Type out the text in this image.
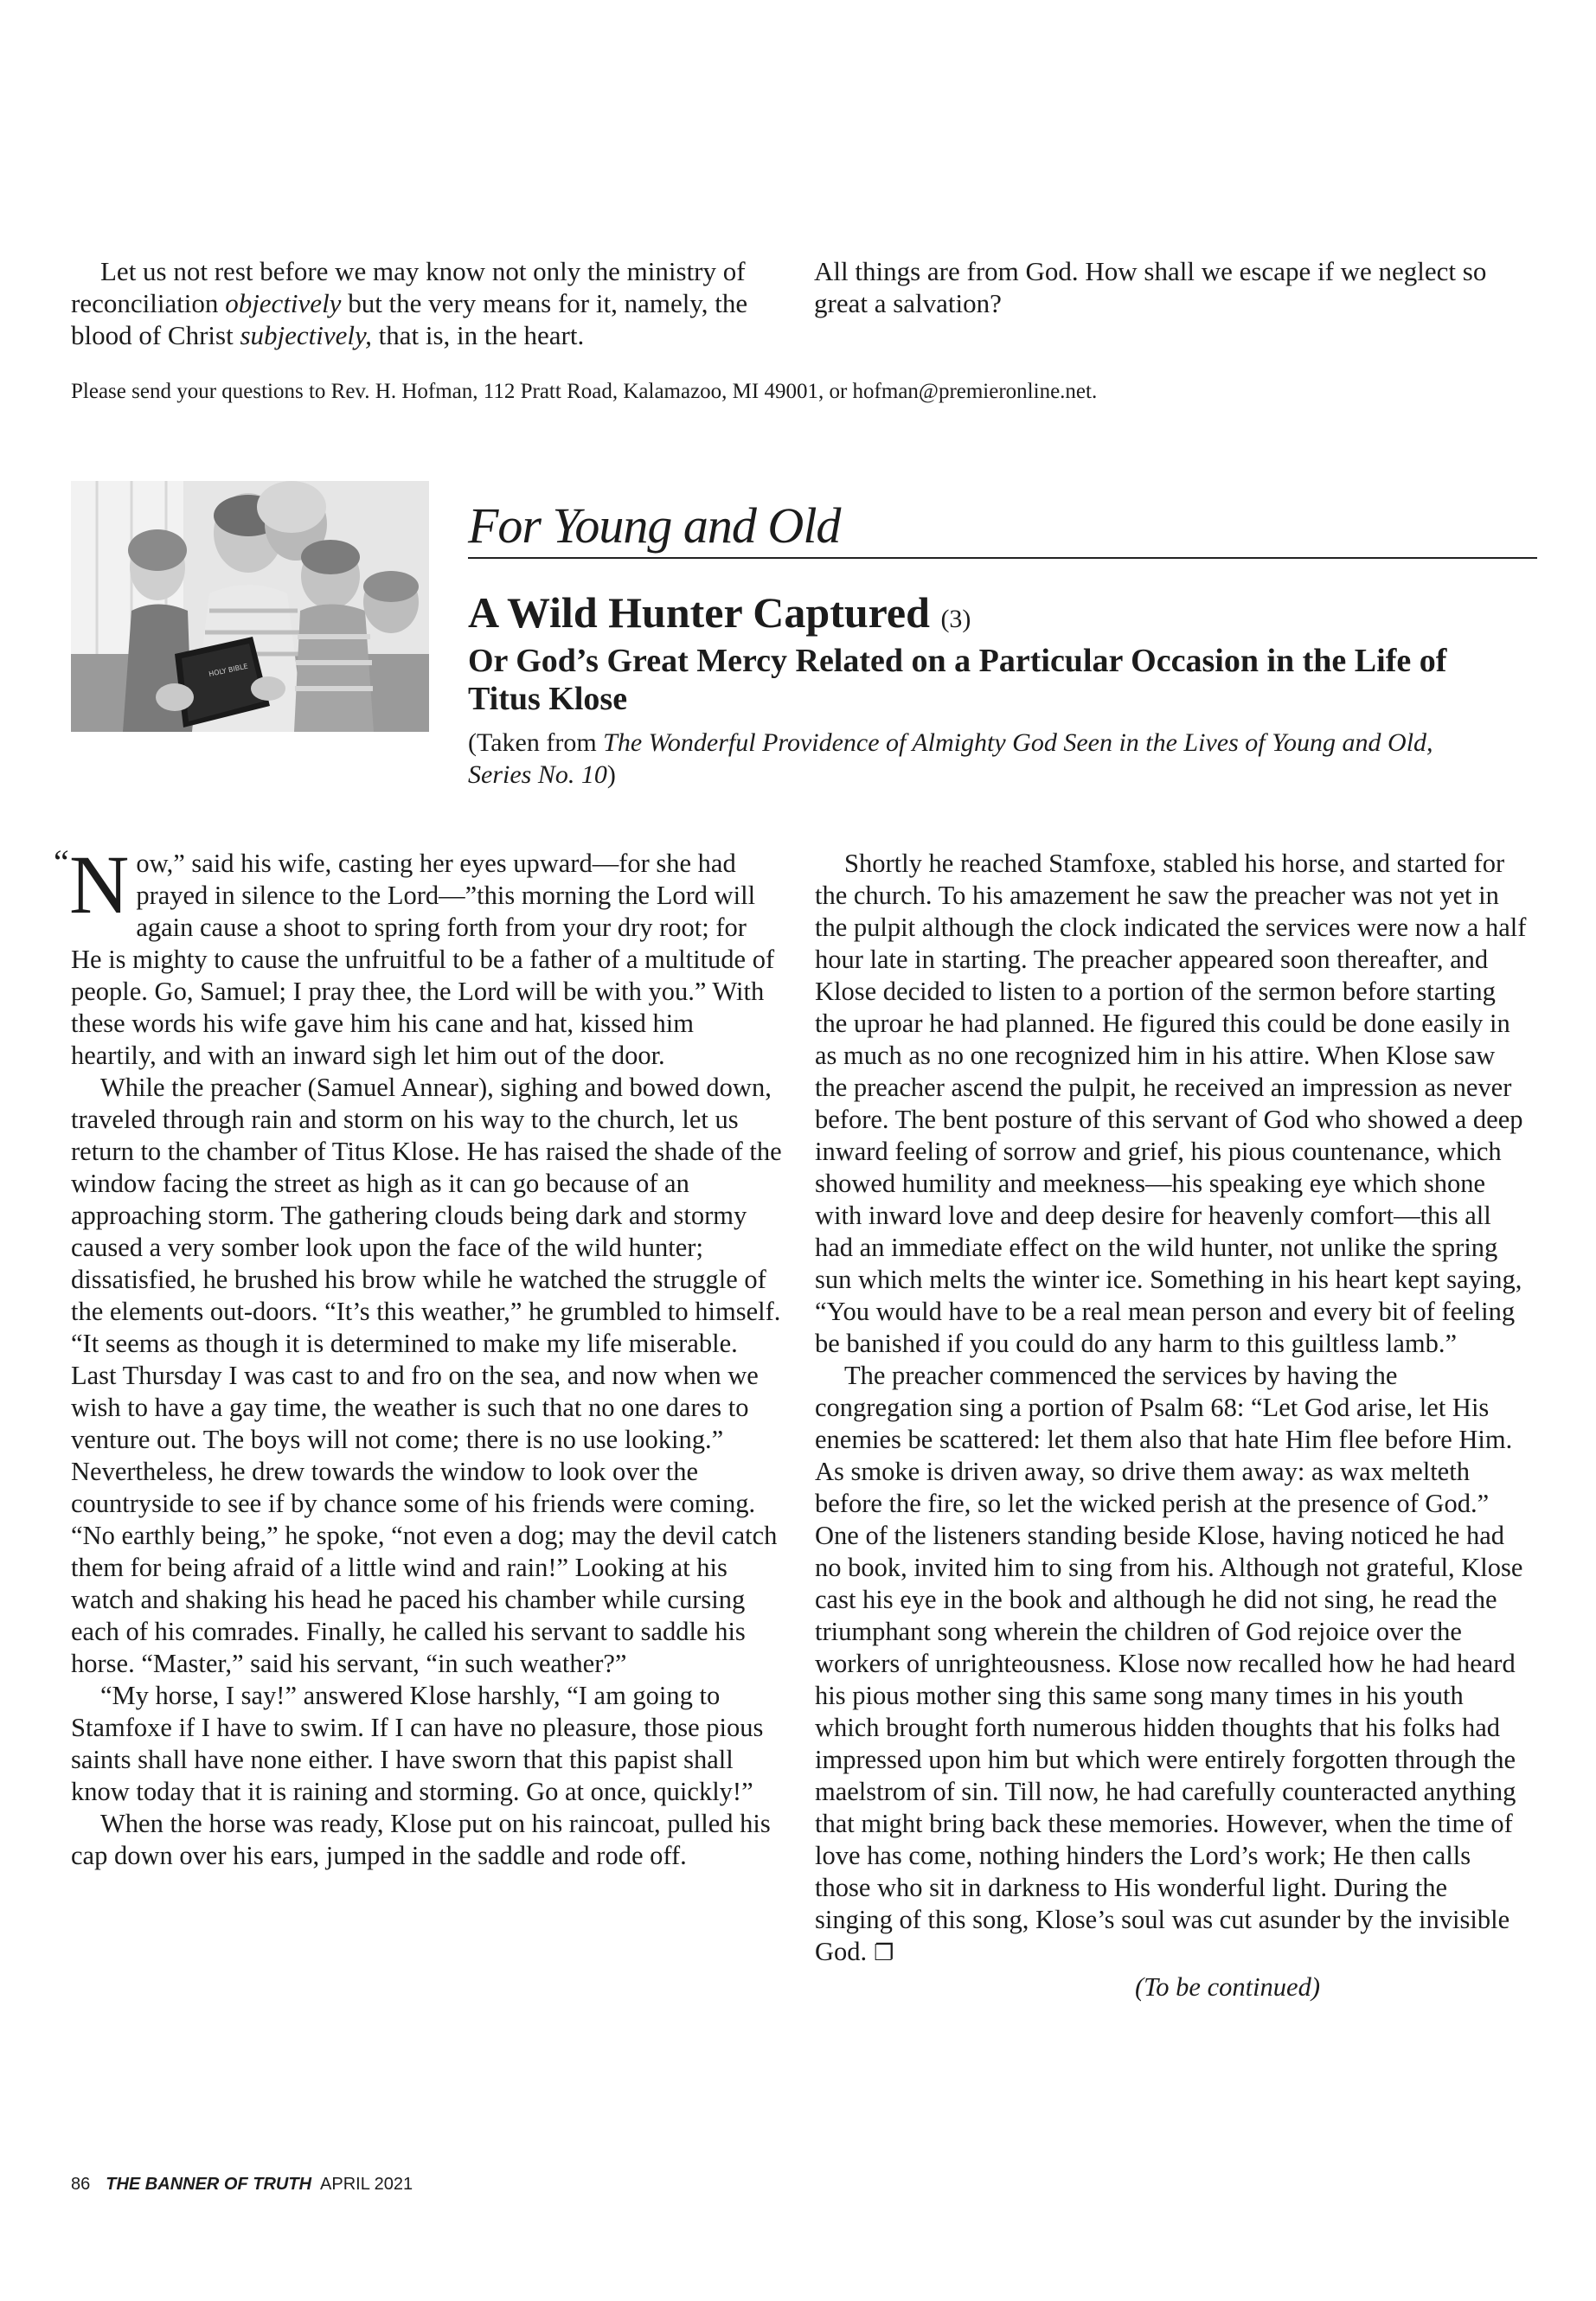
Let us not rest before we may know not only the ministry of reconciliation objectively but the very means for it, namely, the blood of Christ subjectively, that is, in the heart.

All things are from God. How shall we escape if we neglect so great a salvation?

Please send your questions to Rev. H. Hofman, 112 Pratt Road, Kalamazoo, MI 49001, or hofman@premieronline.net.
HOLY BIBLE
For Young and Old
A Wild Hunter Captured (3)
Or God’s Great Mercy Related on a Particular Occasion in the Life of Titus Klose
(Taken from The Wonderful Providence of Almighty God Seen in the Lives of Young and Old, Series No. 10)

“ N ow,” said his wife, casting her eyes upward—for she had prayed in silence to the Lord—”this morning the Lord will again cause a shoot to spring forth from your dry root; for He is mighty to cause the unfruitful to be a father of a multitude of people. Go, Samuel; I pray thee, the Lord will be with you.” With these words his wife gave him his cane and hat, kissed him heartily, and with an inward sigh let him out of the door.

While the preacher (Samuel Annear), sighing and bowed down, traveled through rain and storm on his way to the church, let us return to the chamber of Titus Klose. He has raised the shade of the window facing the street as high as it can go because of an approaching storm. The gathering clouds being dark and stormy caused a very somber look upon the face of the wild hunter; dissatisfied, he brushed his brow while he watched the struggle of the elements out-doors. “It’s this weather,” he grumbled to himself. “It seems as though it is determined to make my life miserable. Last Thursday I was cast to and fro on the sea, and now when we wish to have a gay time, the weather is such that no one dares to venture out. The boys will not come; there is no use looking.” Nevertheless, he drew towards the window to look over the countryside to see if by chance some of his friends were coming. “No earthly being,” he spoke, “not even a dog; may the devil catch them for being afraid of a little wind and rain!” Looking at his watch and shaking his head he paced his chamber while cursing each of his comrades. Finally, he called his servant to saddle his horse. “Master,” said his servant, “in such weather?”

“My horse, I say!” answered Klose harshly, “I am going to Stamfoxe if I have to swim. If I can have no pleasure, those pious saints shall have none either. I have sworn that this papist shall know today that it is raining and storming. Go at once, quickly!”

When the horse was ready, Klose put on his raincoat, pulled his cap down over his ears, jumped in the saddle and rode off.

Shortly he reached Stamfoxe, stabled his horse, and started for the church. To his amazement he saw the preacher was not yet in the pulpit although the clock indicated the services were now a half hour late in starting. The preacher appeared soon thereafter, and Klose decided to listen to a portion of the sermon before starting the uproar he had planned. He figured this could be done easily in as much as no one recognized him in his attire. When Klose saw the preacher ascend the pulpit, he received an impression as never before. The bent posture of this servant of God who showed a deep inward feeling of sorrow and grief, his pious countenance, which showed humility and meekness—his speaking eye which shone with inward love and deep desire for heavenly comfort—this all had an immediate effect on the wild hunter, not unlike the spring sun which melts the winter ice. Something in his heart kept saying, “You would have to be a real mean person and every bit of feeling be banished if you could do any harm to this guiltless lamb.”

The preacher commenced the services by having the congregation sing a portion of Psalm 68: “Let God arise, let His enemies be scattered: let them also that hate Him flee before Him. As smoke is driven away, so drive them away: as wax melteth before the fire, so let the wicked perish at the presence of God.” One of the listeners standing beside Klose, having noticed he had no book, invited him to sing from his. Although not grateful, Klose cast his eye in the book and although he did not sing, he read the triumphant song wherein the children of God rejoice over the workers of unrighteousness. Klose now recalled how he had heard his pious mother sing this same song many times in his youth which brought forth numerous hidden thoughts that his folks had impressed upon him but which were entirely forgotten through the maelstrom of sin. Till now, he had carefully counteracted anything that might bring back these memories. However, when the time of love has come, nothing hinders the Lord’s work; He then calls those who sit in darkness to His wonderful light. During the singing of this song, Klose’s soul was cut asunder by the invisible God. ❐

(To be continued)

86 THE BANNER OF TRUTH APRIL 2021
